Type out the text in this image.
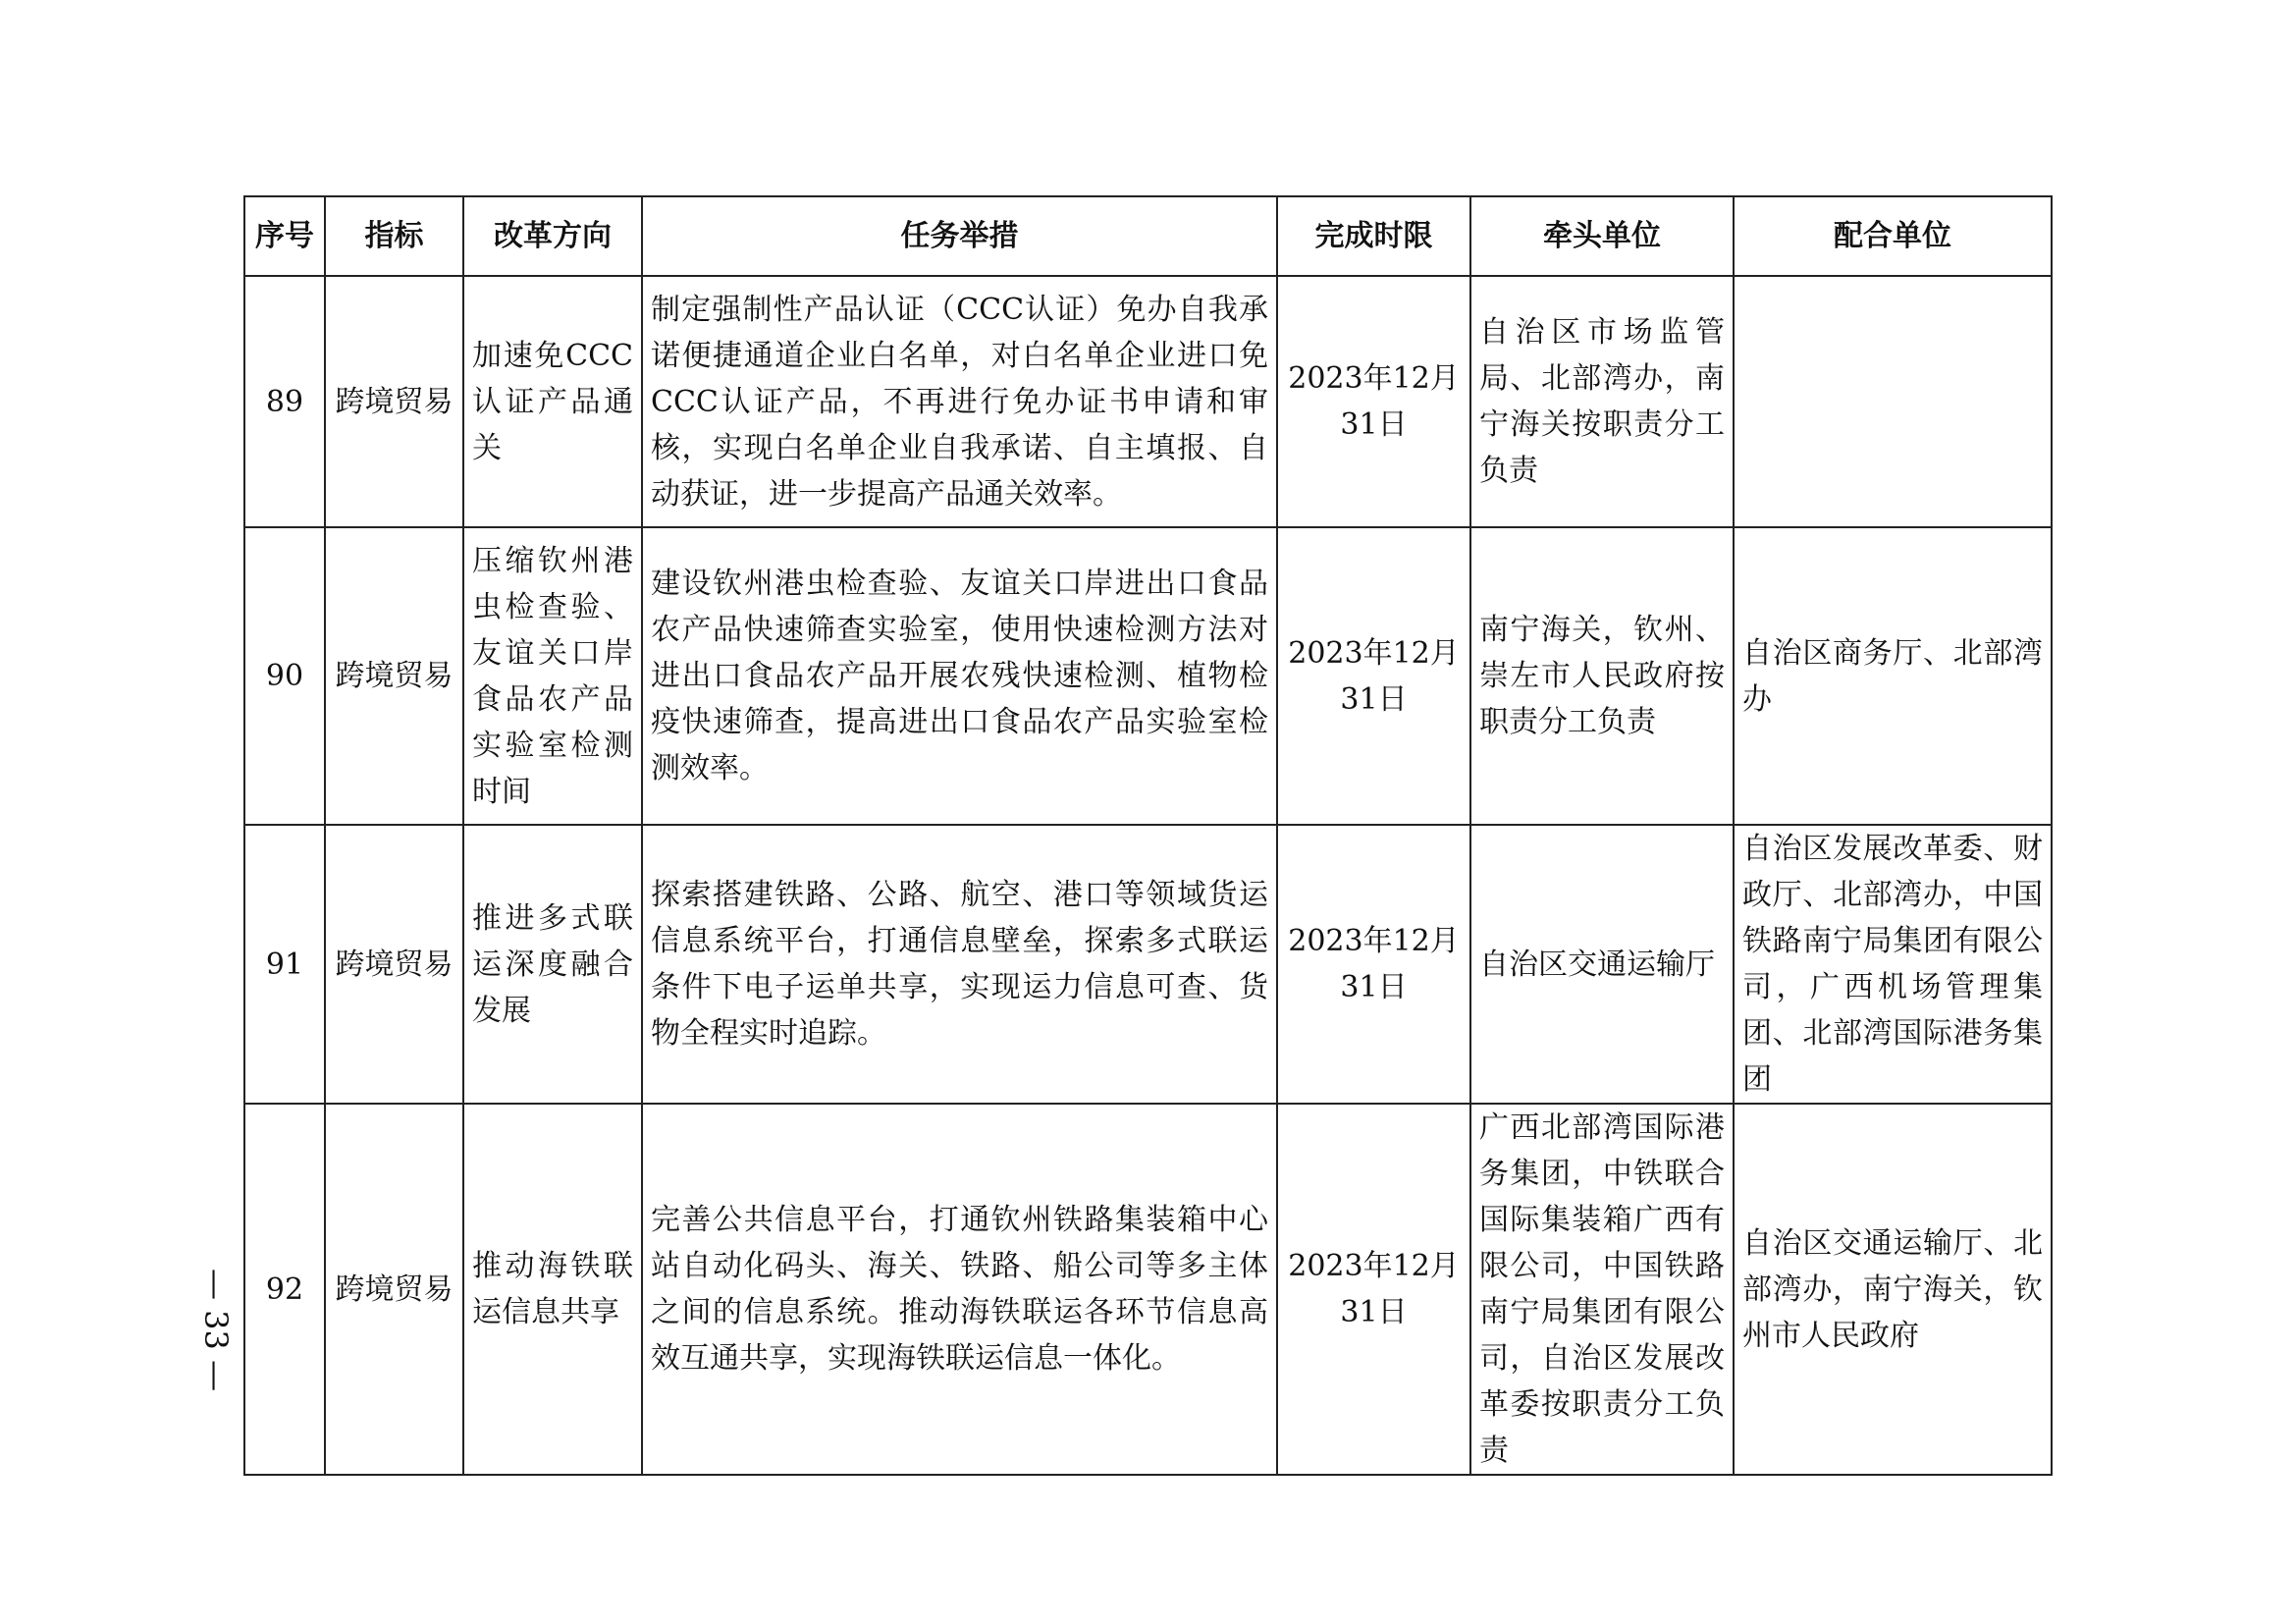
序号	指标	改革方向	任务举措	完成时限	牵头单位	配合单位
89	跨境贸易	加速免CCC认证产品通关	制定强制性产品认证（CCC认证）免办自我承诺便捷通道企业白名单，对白名单企业进口免CCC认证产品，不再进行免办证书申请和审核，实现白名单企业自我承诺、自主填报、自动获证，进一步提高产品通关效率。	2023年12月31日	自治区市场监管局、北部湾办，南宁海关按职责分工负责	
90	跨境贸易	压缩钦州港虫检查验、友谊关口岸食品农产品实验室检测时间	建设钦州港虫检查验、友谊关口岸进出口食品农产品快速筛查实验室，使用快速检测方法对进出口食品农产品开展农残快速检测、植物检疫快速筛查，提高进出口食品农产品实验室检测效率。	2023年12月31日	南宁海关，钦州、崇左市人民政府按职责分工负责	自治区商务厅、北部湾办
91	跨境贸易	推进多式联运深度融合发展	探索搭建铁路、公路、航空、港口等领域货运信息系统平台，打通信息壁垒，探索多式联运条件下电子运单共享，实现运力信息可查、货物全程实时追踪。	2023年12月31日	自治区交通运输厅	自治区发展改革委、财政厅、北部湾办，中国铁路南宁局集团有限公司，广西机场管理集团、北部湾国际港务集团
92	跨境贸易	推动海铁联运信息共享	完善公共信息平台，打通钦州铁路集装箱中心站自动化码头、海关、铁路、船公司等多主体之间的信息系统。推动海铁联运各环节信息高效互通共享，实现海铁联运信息一体化。	2023年12月31日	广西北部湾国际港务集团，中铁联合国际集装箱广西有限公司，中国铁路南宁局集团有限公司，自治区发展改革委按职责分工负责	自治区交通运输厅、北部湾办，南宁海关，钦州市人民政府
— 33 —
